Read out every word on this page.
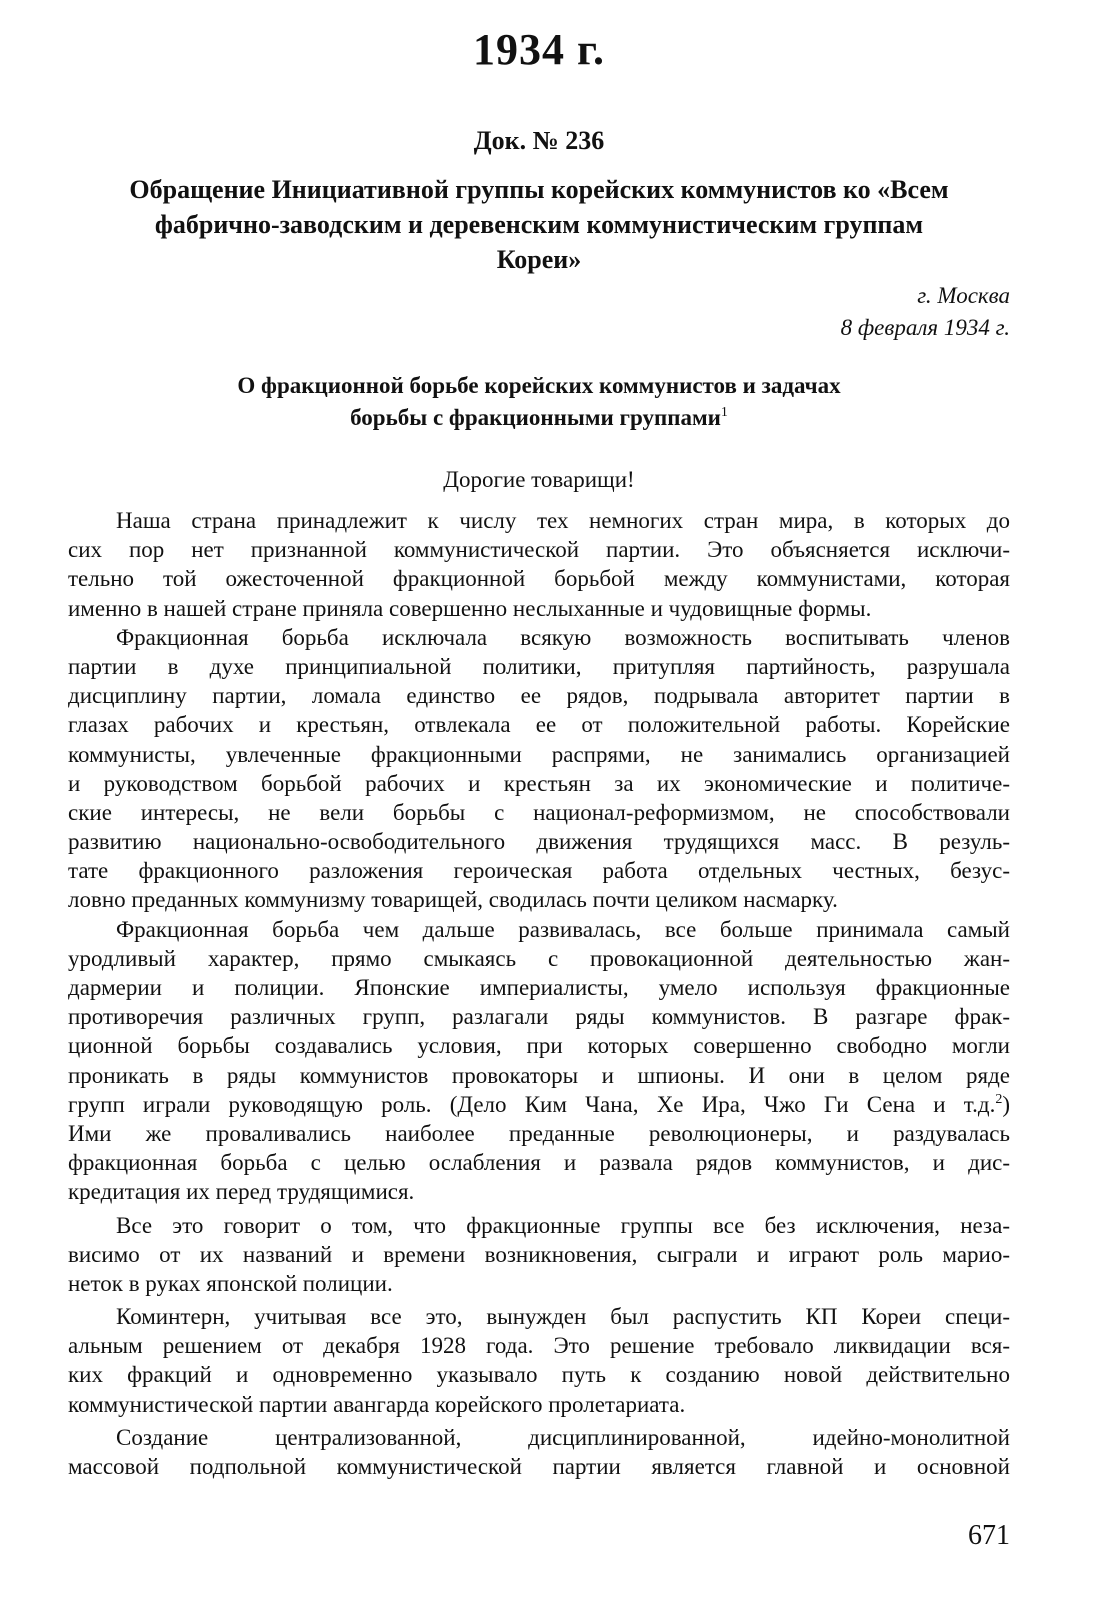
1934 г.
Док. № 236
Обращение Инициативной группы корейских коммунистов ко «Всем
фабрично-заводским и деревенским коммунистическим группам
Кореи»
г. Москва
8 февраля 1934 г.
О фракционной борьбе корейских коммунистов и задачах
борьбы с фракционными группами$^1$
Дорогие товарищи!
Наша страна принадлежит к числу тех немногих стран мира, в которых до
сих пор нет признанной коммунистической партии. Это объясняется исключи-
тельно той ожесточенной фракционной борьбой между коммунистами, которая
именно в нашей стране приняла совершенно неслыханные и чудовищные формы.
Фракционная борьба исключала всякую возможность воспитывать членов
партии в духе принципиальной политики, притупляя партийность, разрушала
дисциплину партии, ломала единство ее рядов, подрывала авторитет партии в
глазах рабочих и крестьян, отвлекала ее от положительной работы. Корейские
коммунисты, увлеченные фракционными распрями, не занимались организацией
и руководством борьбой рабочих и крестьян за их экономические и политиче-
ские интересы, не вели борьбы с национал-реформизмом, не способствовали
развитию национально-освободительного движения трудящихся масс. В резуль-
тате фракционного разложения героическая работа отдельных честных, безус-
ловно преданных коммунизму товарищей, сводилась почти целиком насмарку.
Фракционная борьба чем дальше развивалась, все больше принимала самый
уродливый характер, прямо смыкаясь с провокационной деятельностью жан-
дармерии и полиции. Японские империалисты, умело используя фракционные
противоречия различных групп, разлагали ряды коммунистов. В разгаре фрак-
ционной борьбы создавались условия, при которых совершенно свободно могли
проникать в ряды коммунистов провокаторы и шпионы. И они в целом ряде
групп играли руководящую роль. (Дело Ким Чана, Хе Ира, Чжо Ги Сена и т.д.$^2$)
Ими же проваливались наиболее преданные революционеры, и раздувалась
фракционная борьба с целью ослабления и развала рядов коммунистов, и дис-
кредитация их перед трудящимися.
Все это говорит о том, что фракционные группы все без исключения, неза-
висимо от их названий и времени возникновения, сыграли и играют роль марио-
неток в руках японской полиции.
Коминтерн, учитывая все это, вынужден был распустить КП Кореи специ-
альным решением от декабря 1928 года. Это решение требовало ликвидации вся-
ких фракций и одновременно указывало путь к созданию новой действительно
коммунистической партии авангарда корейского пролетариата.
Создание централизованной, дисциплинированной, идейно-монолитной
массовой подпольной коммунистической партии является главной и основной
671
